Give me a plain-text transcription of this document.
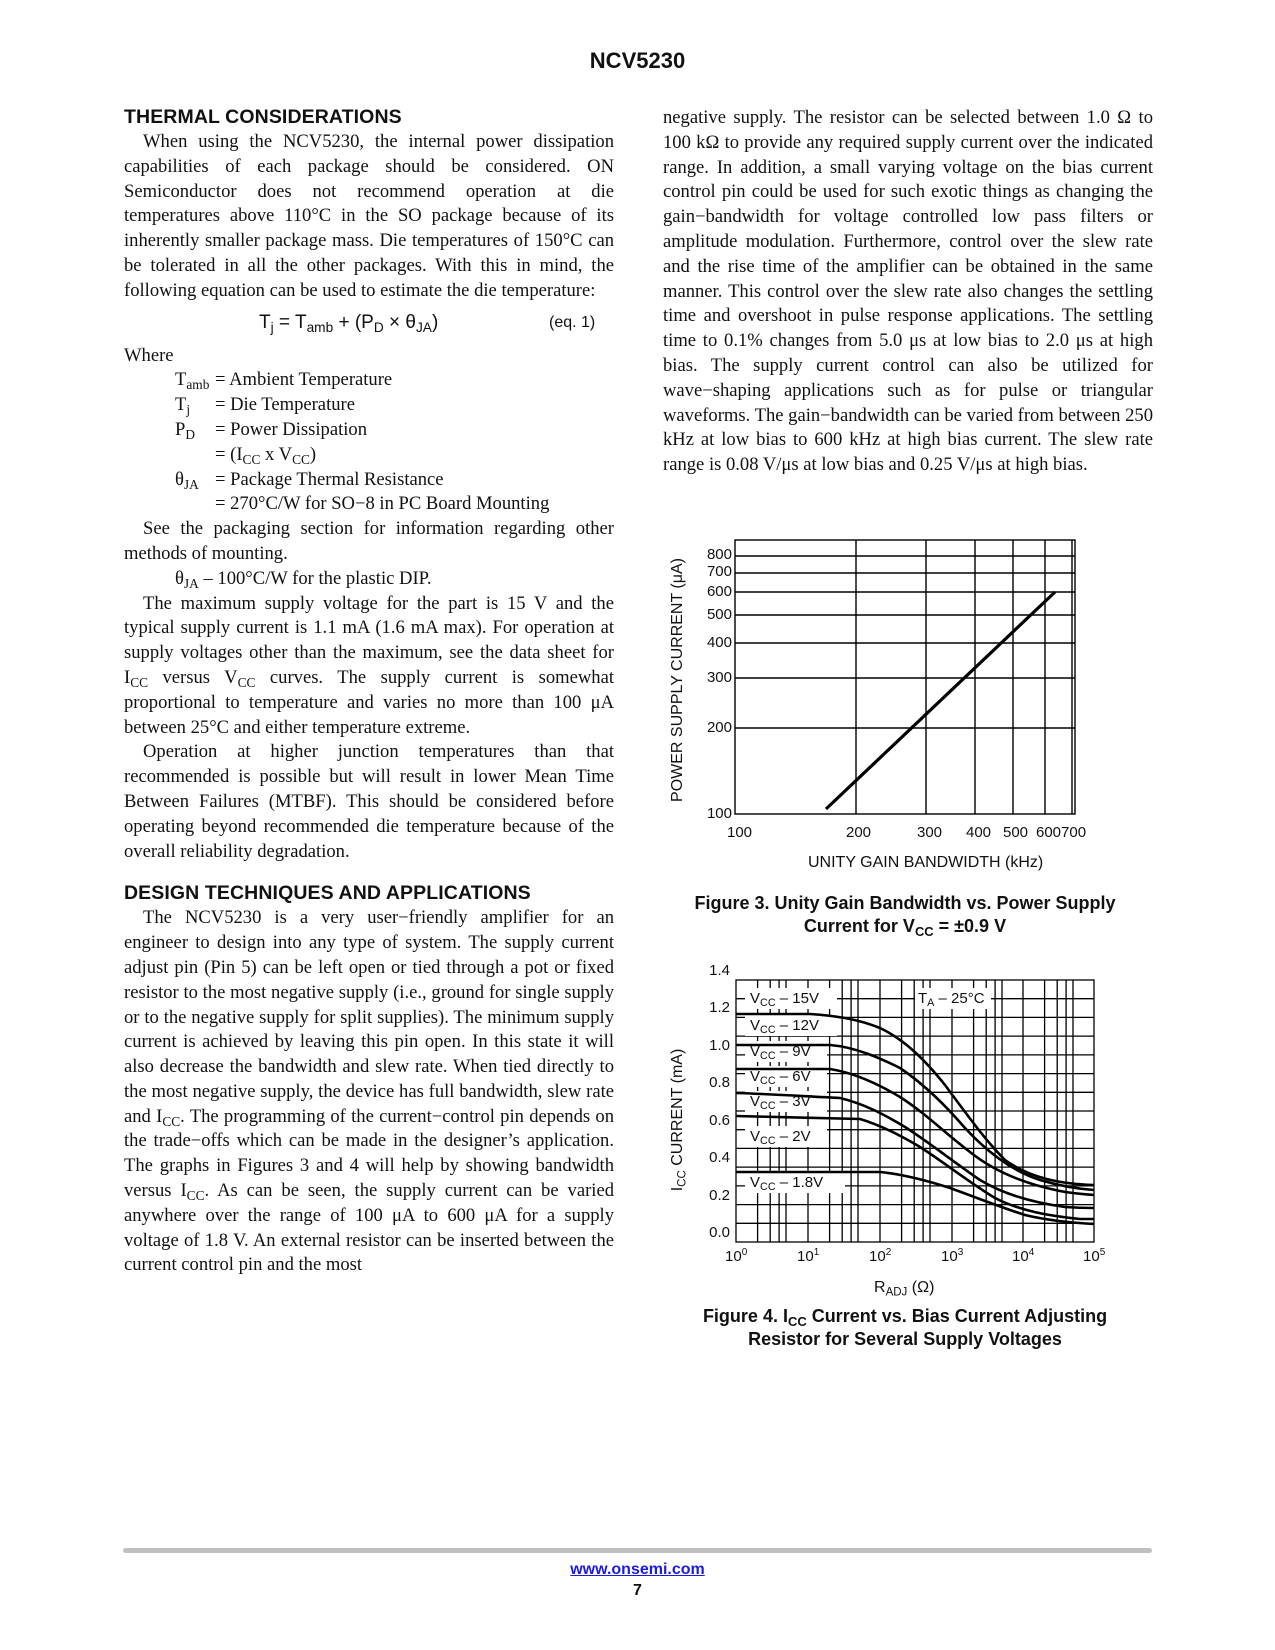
NCV5230
THERMAL CONSIDERATIONS

When using the NCV5230, the internal power dissipation capabilities of each package should be considered. ON Semiconductor does not recommend operation at die temperatures above 110°C in the SO package because of its inherently smaller package mass. Die temperatures of 150°C can be tolerated in all the other packages. With this in mind, the following equation can be used to estimate the die temperature:

$T_j = T_{amb} + (P_D \times \theta_{JA})$	(eq. 1)

Where

$T_{amb}$ = Ambient Temperature
$T_j$	= Die Temperature
$P_D$	= Power Dissipation
= ($I_{CC}$ x $V_{CC}$)
$\theta_{JA}$ = Package Thermal Resistance
= 270°C/W for SO−8 in PC Board Mounting

See the packaging section for information regarding other methods of mounting.

$\theta_{JA} - 100^\circ C/W$ for the plastic DIP.

The maximum supply voltage for the part is 15 V and the typical supply current is 1.1 mA (1.6 mA max). For operation at supply voltages other than the maximum, see the data sheet for $I_{CC}$ versus $V_{CC}$ curves. The supply current is somewhat proportional to temperature and varies no more than 100 μA between 25°C and either temperature extreme.

Operation at higher junction temperatures than that recommended is possible but will result in lower Mean Time Between Failures (MTBF). This should be considered before operating beyond recommended die temperature because of the overall reliability degradation.

DESIGN TECHNIQUES AND APPLICATIONS

The NCV5230 is a very user−friendly amplifier for an engineer to design into any type of system. The supply current adjust pin (Pin 5) can be left open or tied through a pot or fixed resistor to the most negative supply (i.e., ground for single supply or to the negative supply for split supplies). The minimum supply current is achieved by leaving this pin open. In this state it will also decrease the bandwidth and slew rate. When tied directly to the most negative supply, the device has full bandwidth, slew rate and $I_{CC}$. The programming of the current−control pin depends on the trade−offs which can be made in the designer’s application. The graphs in Figures 3 and 4 will help by showing bandwidth versus $I_{CC}$. As can be seen, the supply current can be varied anywhere over the range of 100 μA to 600 μA for a supply voltage of 1.8 V. An external resistor can be inserted between the current control pin and the most

negative supply. The resistor can be selected between 1.0 Ω to 100 kΩ to provide any required supply current over the indicated range. In addition, a small varying voltage on the bias current control pin could be used for such exotic things as changing the gain−bandwidth for voltage controlled low pass filters or amplitude modulation. Furthermore, control over the slew rate and the rise time of the amplifier can be obtained in the same manner. This control over the slew rate also changes the settling time and overshoot in pulse response applications. The settling time to 0.1% changes from 5.0 μs at low bias to 2.0 μs at high bias. The supply current control can also be utilized for wave−shaping applications such as for pulse or triangular waveforms. The gain−bandwidth can be varied from between 250 kHz at low bias to 600 kHz at high bias current. The slew rate range is 0.08 V/μs at low bias and 0.25 V/μs at high bias.

800
700
600
500
400
300
200
100
100	200	300 400 500 600700
UNITY GAIN BANDWIDTH (kHz)
POWER SUPPLY CURRENT (μA)
Figure 3. Unity Gain Bandwidth vs. Power Supply
Current for $V_{CC} = \pm 0.9$ V
$V_{CC} - 15V$
$V_{CC} - 12V$
$V_{CC} - 9V$
$V_{CC} - 6V$
$V_{CC} - 3V$
$V_{CC} - 2V$
$V_{CC} - 1.8V$
$T_A - 25^\circ C$
1.4
1.2
1.0
0.8
0.6
0.4
0.2
0.0
$10^0$	$10^1$	$10^2$	$10^3$	$10^4$	$10^5$
$R_{ADJ}$ (Ω)
$I_{CC}$ CURRENT (mA)
Figure 4. $I_{CC}$ Current vs. Bias Current Adjusting
Resistor for Several Supply Voltages
www.onsemi.com
7
